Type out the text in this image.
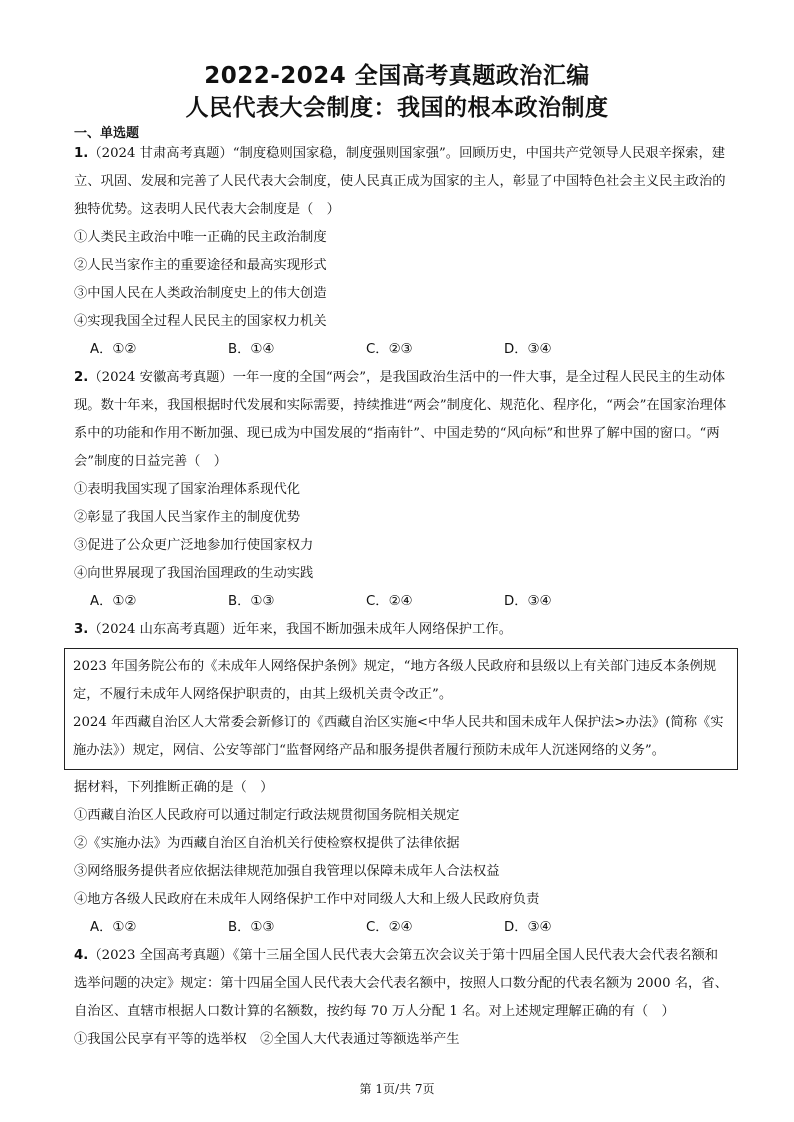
2022-2024 全国高考真题政治汇编
人民代表大会制度：我国的根本政治制度
一、单选题

1.（2024 甘肃高考真题）“制度稳则国家稳，制度强则国家强”。回顾历史，中国共产党领导人民艰辛探索，建立、巩固、发展和完善了人民代表大会制度，使人民真正成为国家的主人，彰显了中国特色社会主义民主政治的独特优势。这表明人民代表大会制度是（　）

①人类民主政治中唯一正确的民主政治制度

②人民当家作主的重要途径和最高实现形式

③中国人民在人类政治制度史上的伟大创造

④实现我国全过程人民民主的国家权力机关

A．①②	B．①④	C．②③	D．③④

2.（2024 安徽高考真题）一年一度的全国“两会”，是我国政治生活中的一件大事，是全过程人民民主的生动体现。数十年来，我国根据时代发展和实际需要，持续推进“两会”制度化、规范化、程序化，“两会”在国家治理体系中的功能和作用不断加强、现已成为中国发展的“指南针”、中国走势的“风向标”和世界了解中国的窗口。“两会”制度的日益完善（　）

①表明我国实现了国家治理体系现代化

②彰显了我国人民当家作主的制度优势

③促进了公众更广泛地参加行使国家权力

④向世界展现了我国治国理政的生动实践

A．①②	B．①③	C．②④	D．③④

3.（2024 山东高考真题）近年来，我国不断加强未成年人网络保护工作。

2023 年国务院公布的《未成年人网络保护条例》规定，“地方各级人民政府和县级以上有关部门违反本条例规定，不履行未成年人网络保护职责的，由其上级机关责令改正”。

2024 年西藏自治区人大常委会新修订的《西藏自治区实施<中华人民共和国未成年人保护法>办法》(简称《实施办法》）规定，网信、公安等部门“监督网络产品和服务提供者履行预防未成年人沉迷网络的义务”。

据材料，下列推断正确的是（　）

①西藏自治区人民政府可以通过制定行政法规贯彻国务院相关规定

②《实施办法》为西藏自治区自治机关行使检察权提供了法律依据

③网络服务提供者应依据法律规范加强自我管理以保障未成年人合法权益

④地方各级人民政府在未成年人网络保护工作中对同级人大和上级人民政府负责

A．①②	B．①③	C．②④	D．③④

4.（2023 全国高考真题）《第十三届全国人民代表大会第五次会议关于第十四届全国人民代表大会代表名额和选举问题的决定》规定：第十四届全国人民代表大会代表名额中，按照人口数分配的代表名额为 2000 名，省、自治区、直辖市根据人口数计算的名额数，按约每 70 万人分配 1 名。对上述规定理解正确的有（　）

①我国公民享有平等的选举权　②全国人大代表通过等额选举产生

第 1页/共 7页
